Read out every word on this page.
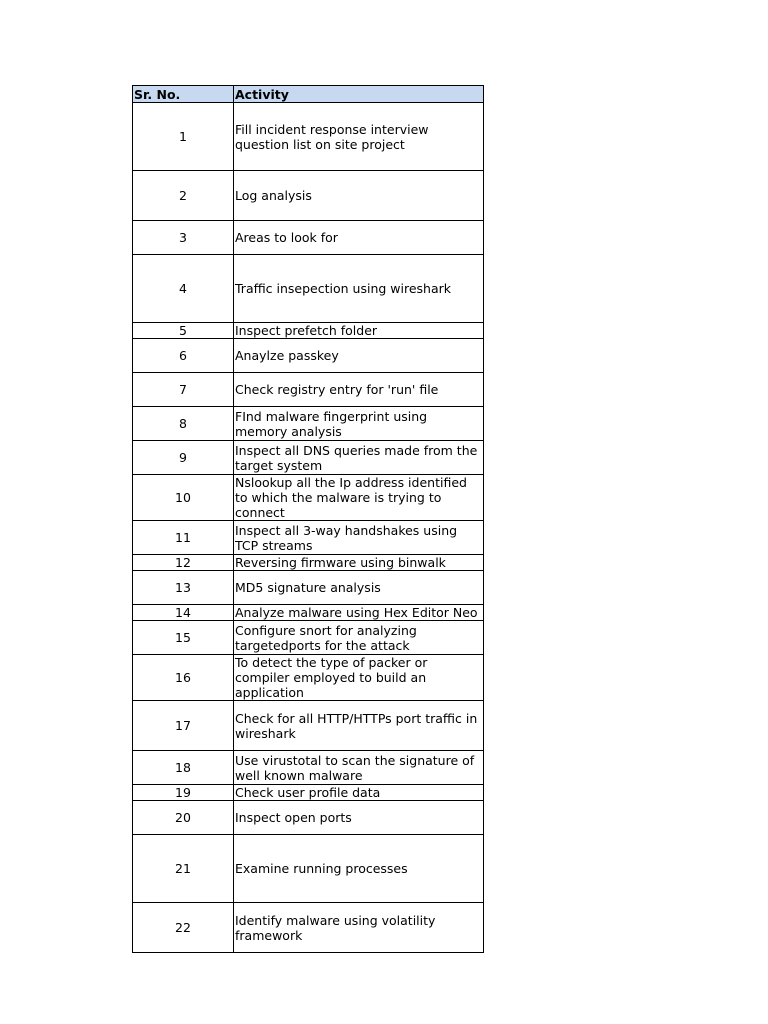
Sr. No.	Activity
1	Fill incident response interview question list on site project
2	Log analysis
3	Areas to look for
4	Traffic insepection using wireshark
5	Inspect prefetch folder
6	Anaylze passkey
7	Check registry entry for 'run' file
8	FInd malware fingerprint using memory analysis
9	Inspect all DNS queries made from the target system
10	Nslookup all the Ip address identified to which the malware is trying to connect
11	Inspect all 3-way handshakes using TCP streams
12	Reversing firmware using binwalk
13	MD5 signature analysis
14	Analyze malware using Hex Editor Neo
15	Configure snort for analyzing targetedports for the attack
16	To detect the type of packer or compiler employed to build an application
17	Check for all HTTP/HTTPs port traffic in wireshark
18	Use virustotal to scan the signature of well known malware
19	Check user profile data
20	Inspect open ports
21	Examine running processes
22	Identify malware using volatility framework
